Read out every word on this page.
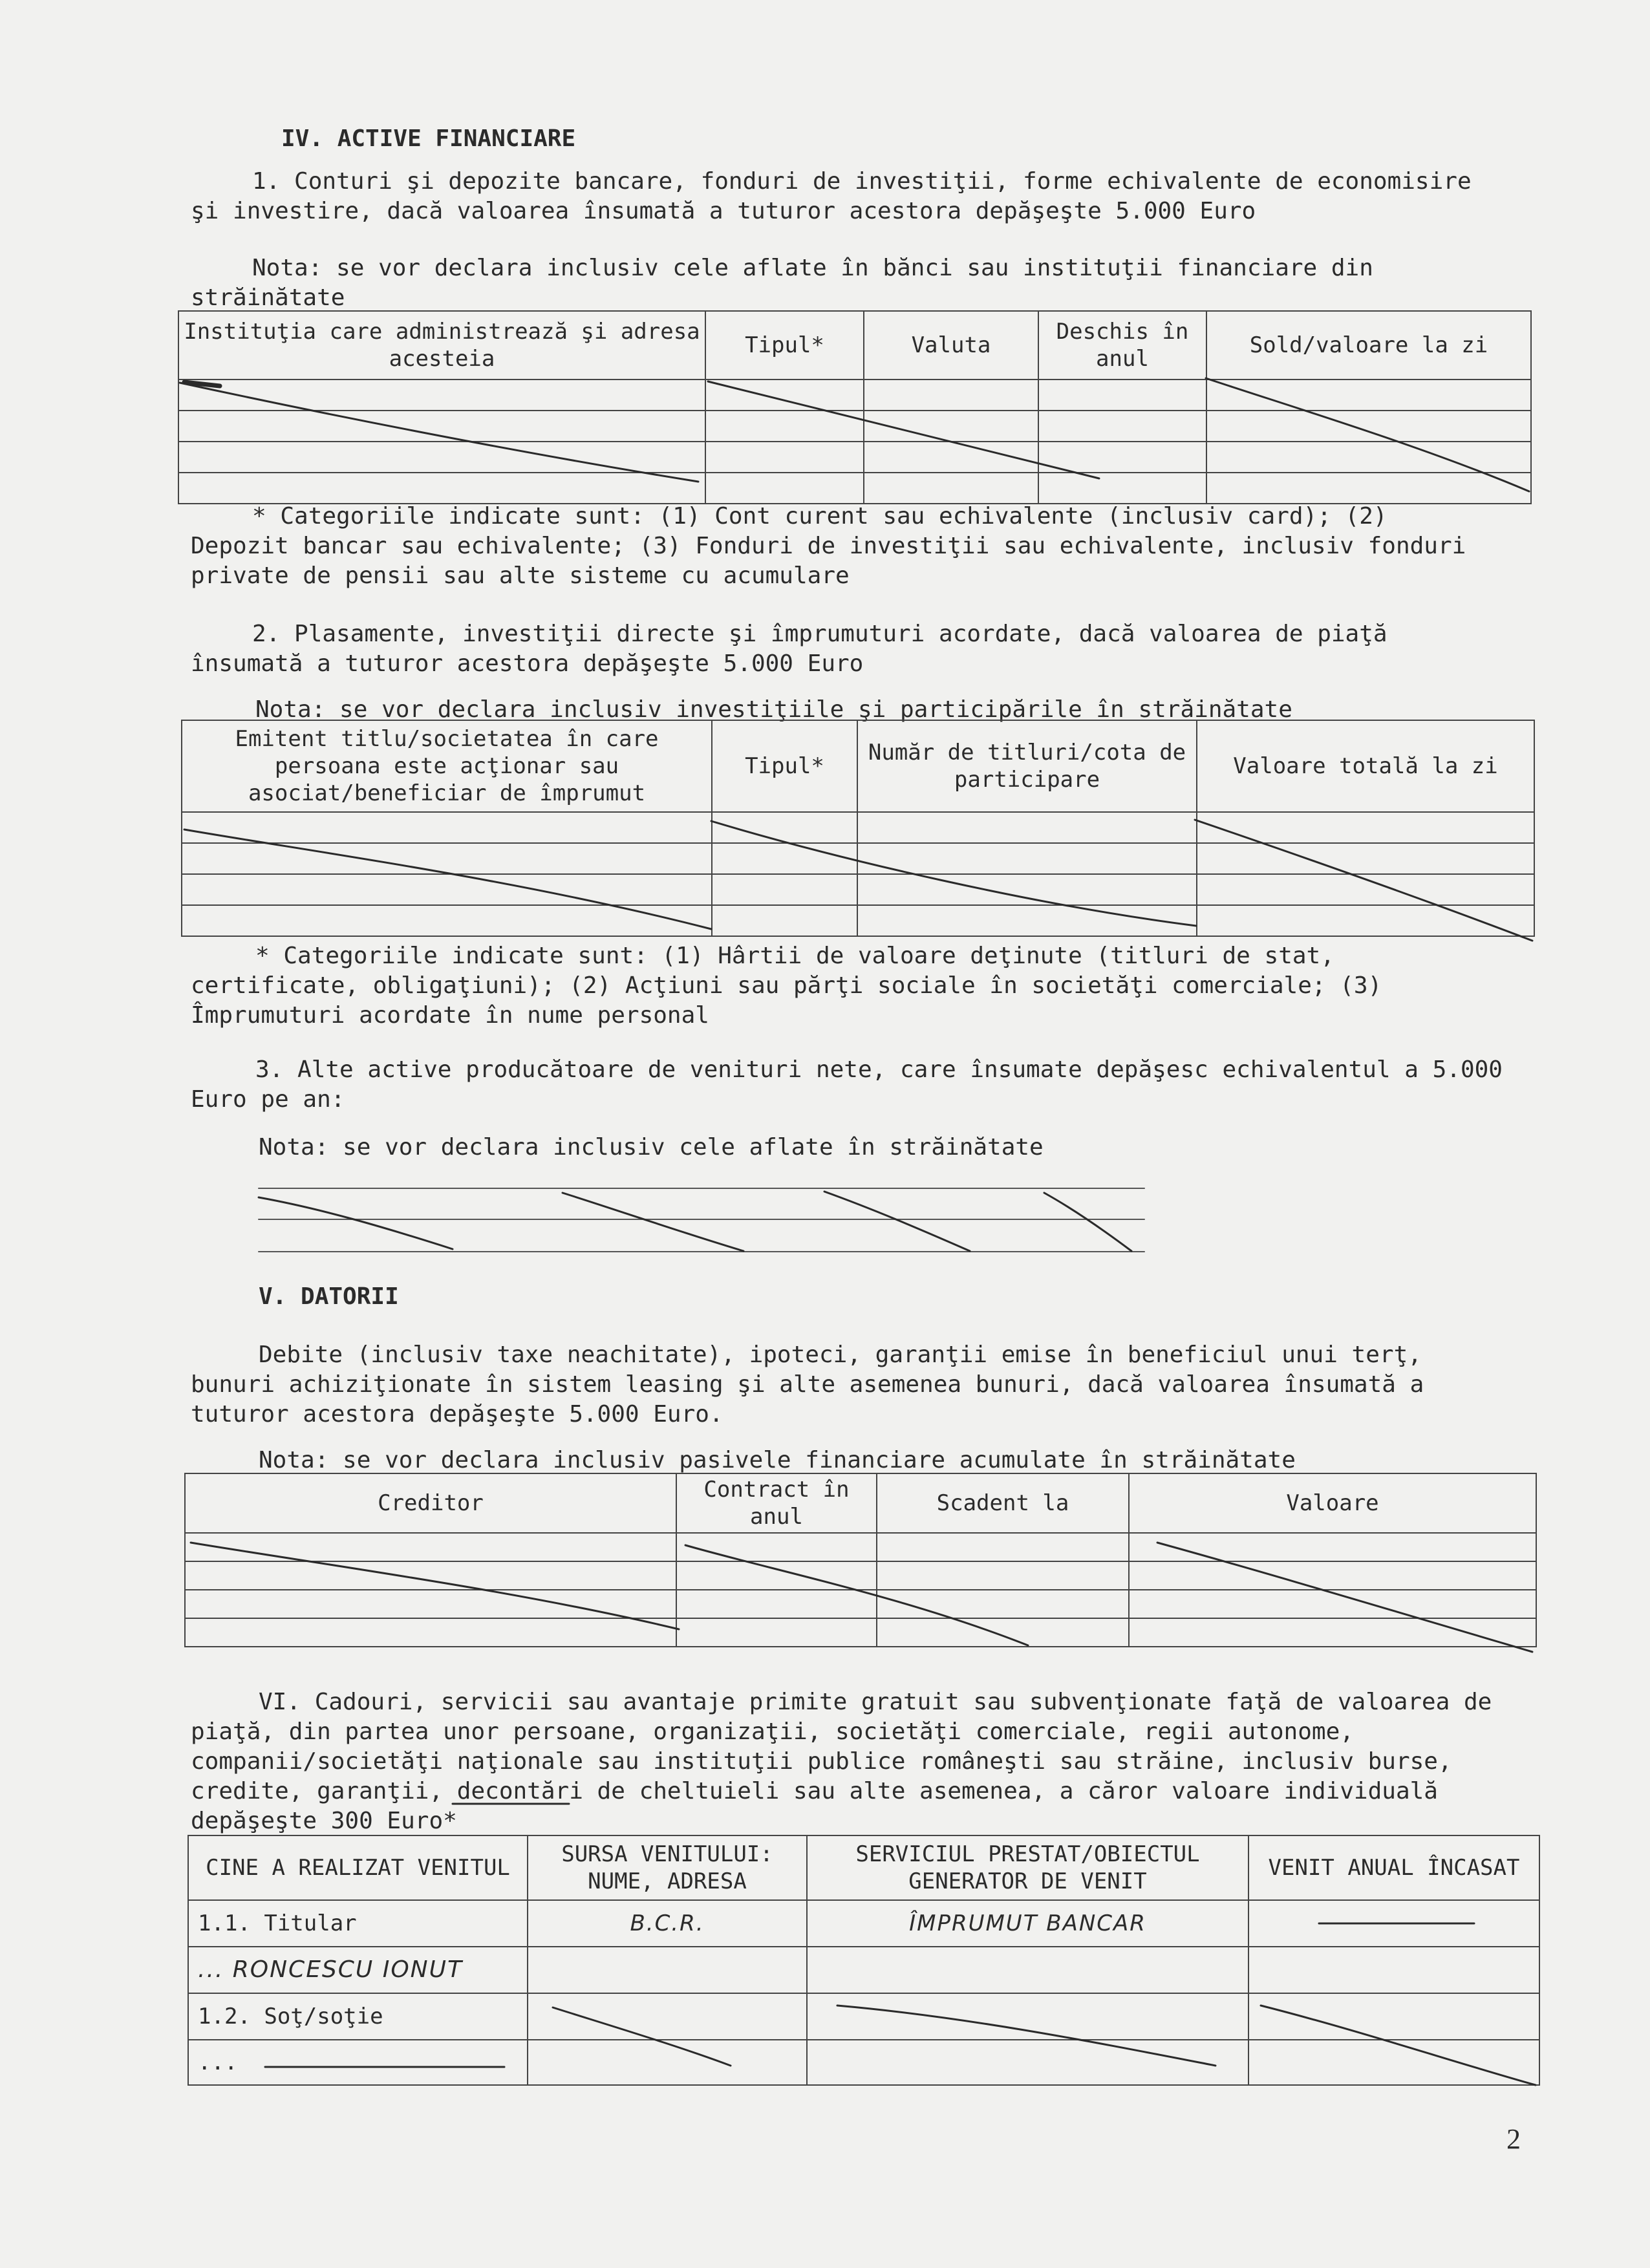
IV. ACTIVE FINANCIARE

1. Conturi şi depozite bancare, fonduri de investiţii, forme echivalente de economisire şi investire, dacă valoarea însumată a tuturor acestora depăşeşte 5.000 Euro

Nota: se vor declara inclusiv cele aflate în bănci sau instituţii financiare din străinătate

Instituţia care administrează şi adresa acesteia	Tipul*	Valuta	Deschis în anul	Sold/valoare la zi

* Categoriile indicate sunt: (1) Cont curent sau echivalente (inclusiv card); (2) Depozit bancar sau echivalente; (3) Fonduri de investiţii sau echivalente, inclusiv fonduri private de pensii sau alte sisteme cu acumulare

2. Plasamente, investiţii directe şi împrumuturi acordate, dacă valoarea de piaţă însumată a tuturor acestora depăşeşte 5.000 Euro

Nota: se vor declara inclusiv investiţiile şi participările în străinătate

Emitent titlu/societatea în care persoana este acţionar sau asociat/beneficiar de împrumut	Tipul*	Număr de titluri/cota de participare	Valoare totală la zi

* Categoriile indicate sunt: (1) Hârtii de valoare deţinute (titluri de stat, certificate, obligaţiuni); (2) Acţiuni sau părţi sociale în societăţi comerciale; (3) Împrumuturi acordate în nume personal

3. Alte active producătoare de venituri nete, care însumate depăşesc echivalentul a 5.000 Euro pe an:

Nota: se vor declara inclusiv cele aflate în străinătate
V. DATORII

Debite (inclusiv taxe neachitate), ipoteci, garanţii emise în beneficiul unui terţ, bunuri achiziţionate în sistem leasing şi alte asemenea bunuri, dacă valoarea însumată a tuturor acestora depăşeşte 5.000 Euro.

Nota: se vor declara inclusiv pasivele financiare acumulate în străinătate
Creditor	Contract în anul	Scadent la	Valoare

VI. Cadouri, servicii sau avantaje primite gratuit sau subvenţionate faţă de valoarea de piaţă, din partea unor persoane, organizaţii, societăţi comerciale, regii autonome, companii/societăţi naţionale sau instituţii publice româneşti sau străine, inclusiv burse, credite, garanţii, decontări de cheltuieli sau alte asemenea, a căror valoare individuală depăşeşte 300 Euro*

CINE A REALIZAT VENITUL	SURSA VENITULUI: NUME, ADRESA	SERVICIUL PRESTAT/OBIECTUL GENERATOR DE VENIT	VENIT ANUAL ÎNCASAT
1.1. Titular	B.C.R.	ÎMPRUMUT BANCAR	
... RONCESCU IONUT			
1.2. Soţ/soţie			
...			
2
